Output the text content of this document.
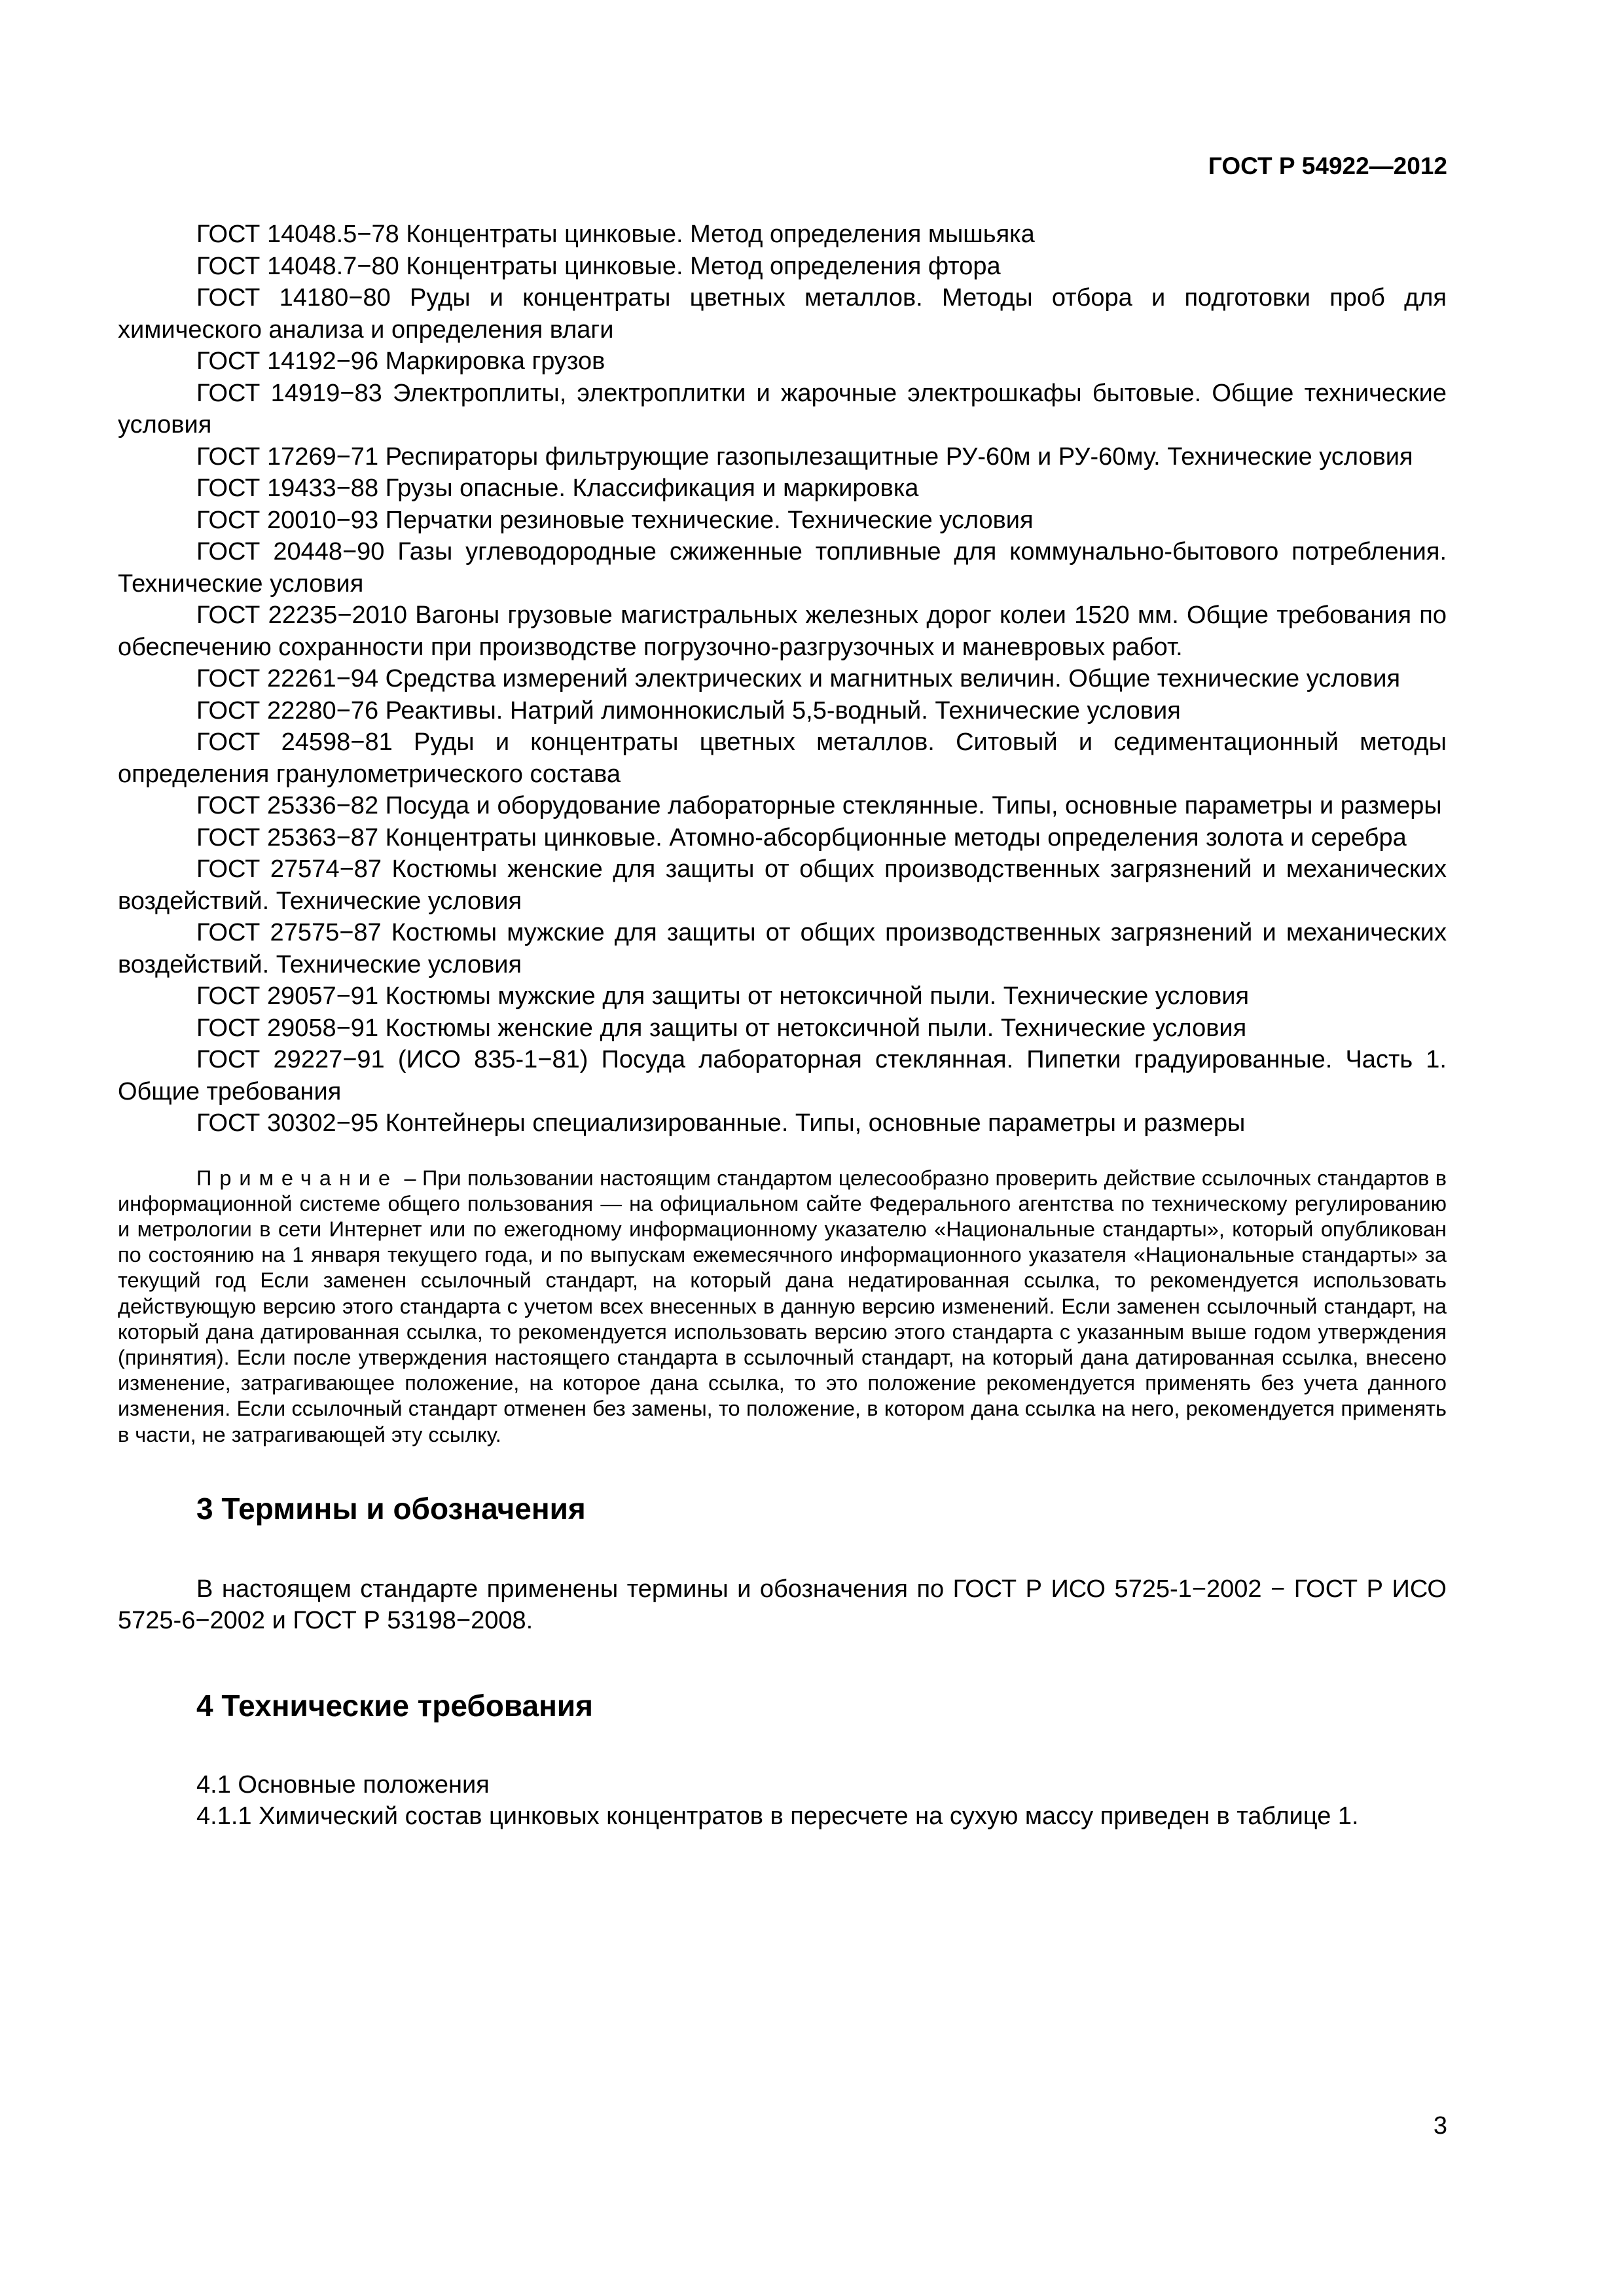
ГОСТ Р 54922—2012

ГОСТ 14048.5−78 Концентраты цинковые. Метод определения мышьяка

ГОСТ 14048.7−80 Концентраты цинковые. Метод определения фтора

ГОСТ 14180−80 Руды и концентраты цветных металлов. Методы отбора и подготовки проб для химического анализа и определения влаги

ГОСТ 14192−96 Маркировка грузов

ГОСТ 14919−83 Электроплиты, электроплитки и жарочные электрошкафы бытовые. Общие технические условия

ГОСТ 17269−71 Респираторы фильтрующие газопылезащитные РУ-60м и РУ-60му. Технические условия

ГОСТ 19433−88 Грузы опасные. Классификация и маркировка

ГОСТ 20010−93 Перчатки резиновые технические. Технические условия

ГОСТ 20448−90 Газы углеводородные сжиженные топливные для коммунально-бытового потребления. Технические условия

ГОСТ 22235−2010 Вагоны грузовые магистральных железных дорог колеи 1520 мм. Общие требования по обеспечению сохранности при производстве погрузочно-разгрузочных и маневровых работ.

ГОСТ 22261−94 Средства измерений электрических и магнитных величин. Общие технические условия

ГОСТ 22280−76 Реактивы. Натрий лимоннокислый 5,5-водный. Технические условия

ГОСТ 24598−81 Руды и концентраты цветных металлов. Ситовый и седиментационный методы определения гранулометрического состава

ГОСТ 25336−82 Посуда и оборудование лабораторные стеклянные. Типы, основные параметры и размеры

ГОСТ 25363−87 Концентраты цинковые. Атомно-абсорбционные методы определения золота и серебра

ГОСТ 27574−87 Костюмы женские для защиты от общих производственных загрязнений и механических воздействий. Технические условия

ГОСТ 27575−87 Костюмы мужские для защиты от общих производственных загрязнений и механических воздействий. Технические условия

ГОСТ 29057−91 Костюмы мужские для защиты от нетоксичной пыли. Технические условия

ГОСТ 29058−91 Костюмы женские для защиты от нетоксичной пыли. Технические условия

ГОСТ 29227−91 (ИСО 835-1−81) Посуда лабораторная стеклянная. Пипетки градуированные. Часть 1. Общие требования

ГОСТ 30302−95 Контейнеры специализированные. Типы, основные параметры и размеры

Примечание – При пользовании настоящим стандартом целесообразно проверить действие ссылочных стандартов в информационной системе общего пользования — на официальном сайте Федерального агентства по техническому регулированию и метрологии в сети Интернет или по ежегодному информационному указателю «Национальные стандарты», который опубликован по состоянию на 1 января текущего года, и по выпускам ежемесячного информационного указателя «Национальные стандарты» за текущий год Если заменен ссылочный стандарт, на который дана недатированная ссылка, то рекомендуется использовать действующую версию этого стандарта с учетом всех внесенных в данную версию изменений. Если заменен ссылочный стандарт, на который дана датированная ссылка, то рекомендуется использовать версию этого стандарта с указанным выше годом утверждения (принятия). Если после утверждения настоящего стандарта в ссылочный стандарт, на который дана датированная ссылка, внесено изменение, затрагивающее положение, на которое дана ссылка, то это положение рекомендуется применять без учета данного изменения. Если ссылочный стандарт отменен без замены, то положение, в котором дана ссылка на него, рекомендуется применять в части, не затрагивающей эту ссылку.

3 Термины и обозначения

В настоящем стандарте применены термины и обозначения по ГОСТ Р ИСО 5725-1−2002 − ГОСТ Р ИСО 5725-6−2002 и ГОСТ Р 53198−2008.

4 Технические требования

4.1 Основные положения

4.1.1 Химический состав цинковых концентратов в пересчете на сухую массу приведен в таблице 1.

3
